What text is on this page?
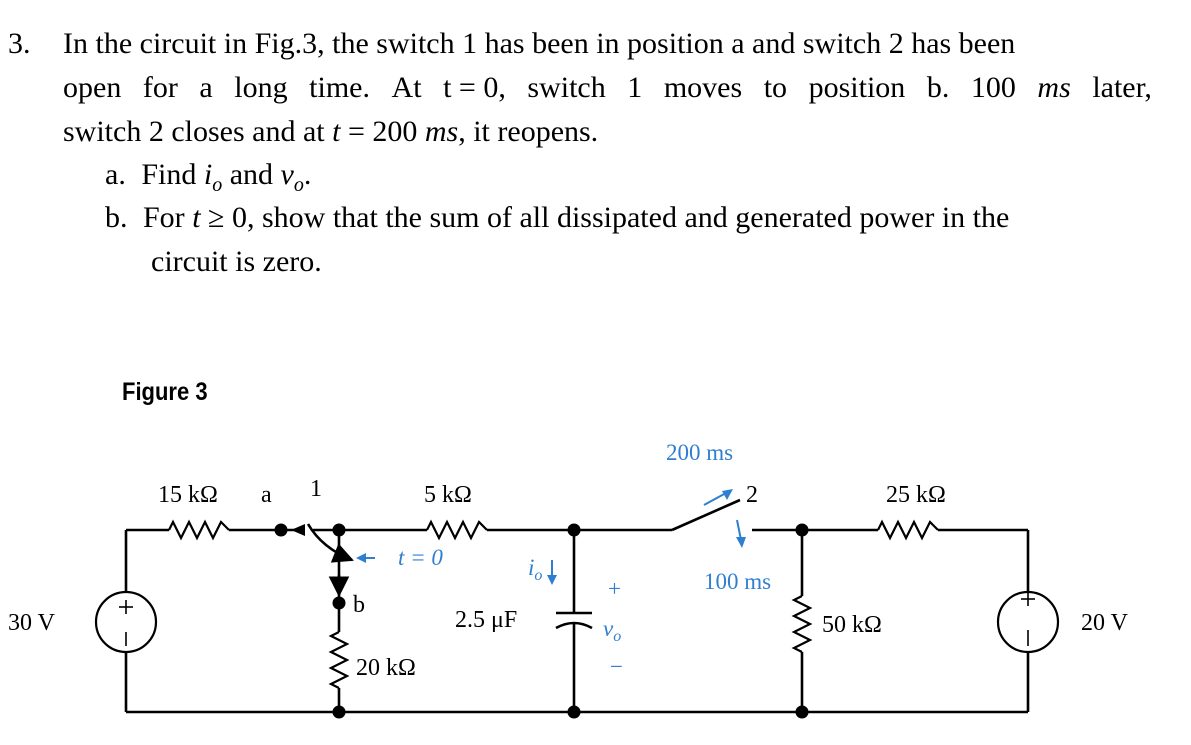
3. In the circuit in Fig.3, the switch 1 has been in position a and switch 2 has been
open for a long time. At t = 0, switch 1 moves to position b. 100 ms later,
switch 2 closes and at t = 200 ms, it reopens.
a. Find $i_o$ and $v_o$.
b. For t ≥ 0, show that the sum of all dissipated and generated power in the
circuit is zero.
Figure 3
t = 0
30 V	20 V
15 kΩ	5 kΩ
20 kΩ
50 kΩ
25 kΩ
2.5 μF
a 1
b
2
200 ms
100 ms
$i_o$
+
$v_o$
−
